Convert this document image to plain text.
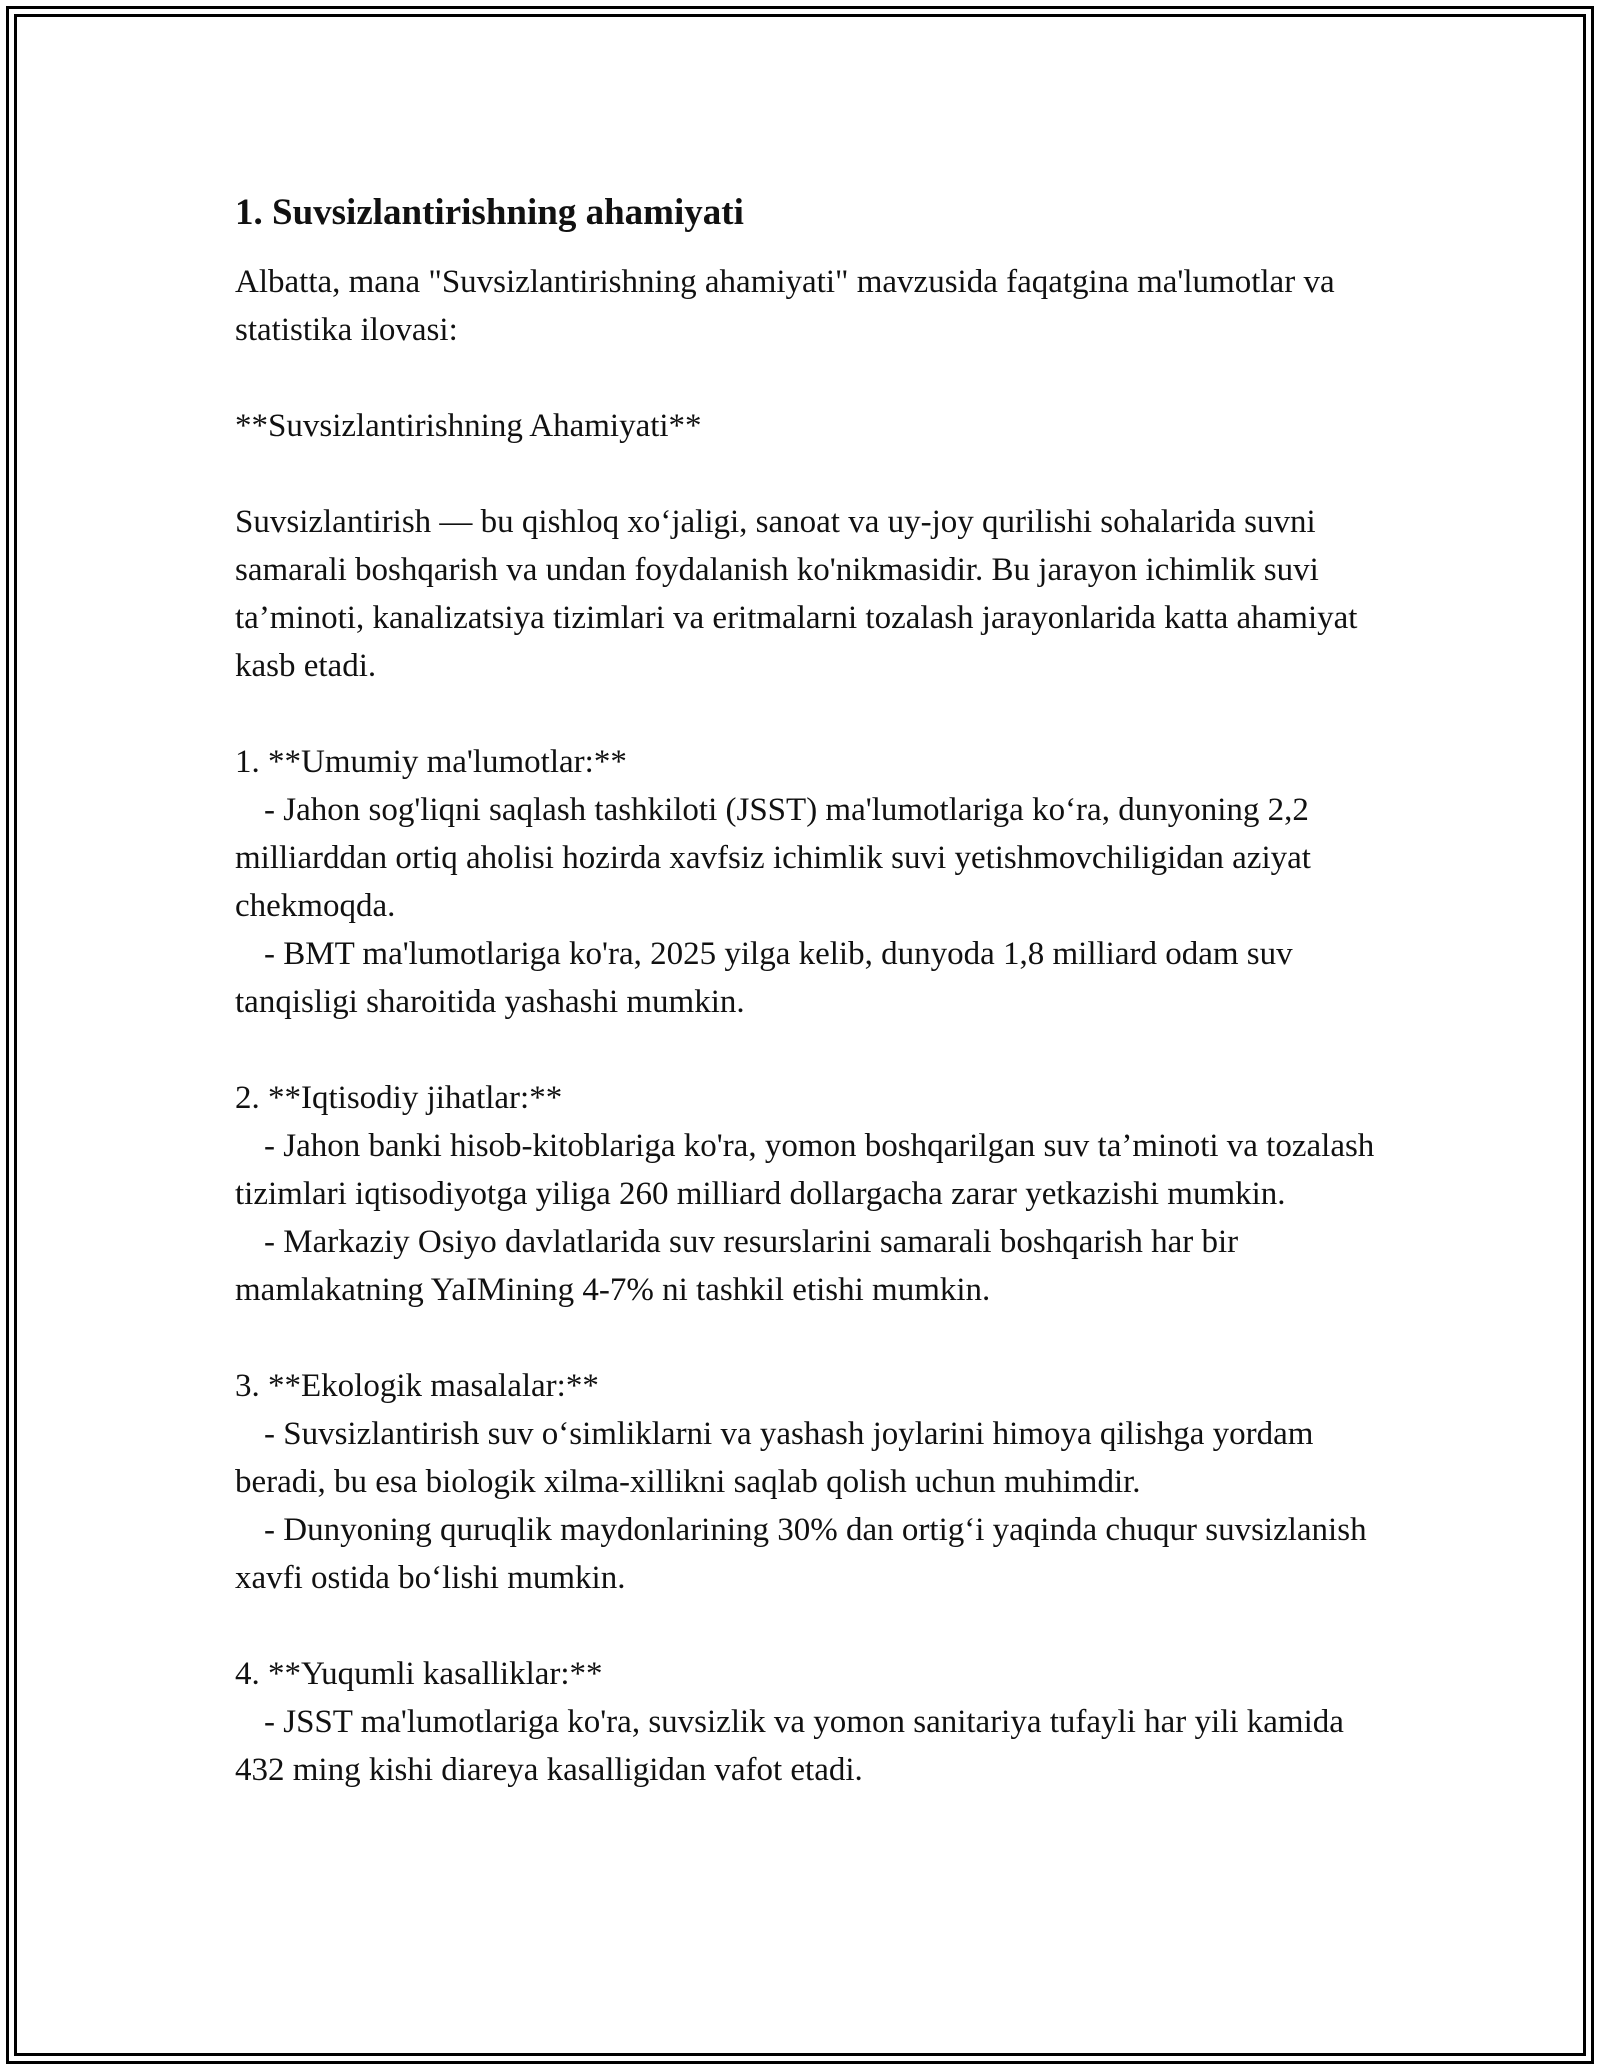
1. Suvsizlantirishning ahamiyati

Albatta, mana "Suvsizlantirishning ahamiyati" mavzusida faqatgina ma'lumotlar va statistika ilovasi:

**Suvsizlantirishning Ahamiyati**

Suvsizlantirish — bu qishloq xo‘jaligi, sanoat va uy-joy qurilishi sohalarida suvni samarali boshqarish va undan foydalanish ko'nikmasidir. Bu jarayon ichimlik suvi ta’minoti, kanalizatsiya tizimlari va eritmalarni tozalash jarayonlarida katta ahamiyat kasb etadi.

1. **Umumiy ma'lumotlar:**

- Jahon sog'liqni saqlash tashkiloti (JSST) ma'lumotlariga ko‘ra, dunyoning 2,2 milliarddan ortiq aholisi hozirda xavfsiz ichimlik suvi yetishmovchiligidan aziyat chekmoqda.

- BMT ma'lumotlariga ko'ra, 2025 yilga kelib, dunyoda 1,8 milliard odam suv tanqisligi sharoitida yashashi mumkin.

2. **Iqtisodiy jihatlar:**

- Jahon banki hisob-kitoblariga ko'ra, yomon boshqarilgan suv ta’minoti va tozalash tizimlari iqtisodiyotga yiliga 260 milliard dollargacha zarar yetkazishi mumkin.

- Markaziy Osiyo davlatlarida suv resurslarini samarali boshqarish har bir mamlakatning YaIMining 4-7% ni tashkil etishi mumkin.

3. **Ekologik masalalar:**

- Suvsizlantirish suv o‘simliklarni va yashash joylarini himoya qilishga yordam beradi, bu esa biologik xilma-xillikni saqlab qolish uchun muhimdir.

- Dunyoning quruqlik maydonlarining 30% dan ortig‘i yaqinda chuqur suvsizlanish xavfi ostida bo‘lishi mumkin.

4. **Yuqumli kasalliklar:**

- JSST ma'lumotlariga ko'ra, suvsizlik va yomon sanitariya tufayli har yili kamida 432 ming kishi diareya kasalligidan vafot etadi.
